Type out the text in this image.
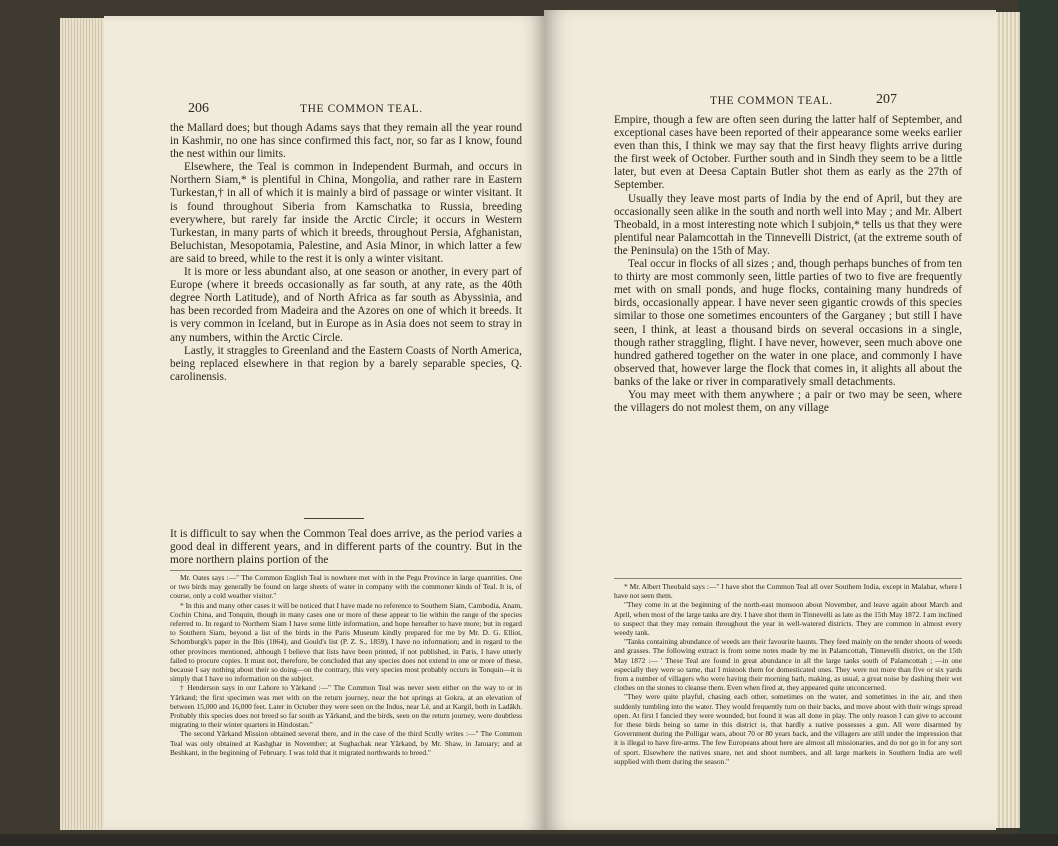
206	THE COMMON TEAL.

the Mallard does; but though Adams says that they remain all the year round in Kashmir, no one has since confirmed this fact, nor, so far as I know, found the nest within our limits.

Elsewhere, the Teal is common in Independent Burmah, and occurs in Northern Siam,* is plentiful in China, Mongolia, and rather rare in Eastern Turkestan,† in all of which it is mainly a bird of passage or winter visitant. It is found throughout Siberia from Kamschatka to Russia, breeding everywhere, but rarely far inside the Arctic Circle; it occurs in Western Turkestan, in many parts of which it breeds, throughout Persia, Afghanistan, Beluchistan, Mesopotamia, Palestine, and Asia Minor, in which latter a few are said to breed, while to the rest it is only a winter visitant.

It is more or less abundant also, at one season or another, in every part of Europe (where it breeds occasionally as far south, at any rate, as the 40th degree North Latitude), and of North Africa as far south as Abyssinia, and has been recorded from Madeira and the Azores on one of which it breeds. It is very common in Iceland, but in Europe as in Asia does not seem to stray in any numbers, within the Arctic Circle.

Lastly, it straggles to Greenland and the Eastern Coasts of North America, being replaced elsewhere in that region by a barely separable species, Q. carolinensis.

It is difficult to say when the Common Teal does arrive, as the period varies a good deal in different years, and in different parts of the country. But in the more northern plains portion of the

Mr. Oates says :—" The Common English Teal is nowhere met with in the Pegu Province in large quantities. One or two birds may generally be found on large sheets of water in company with the commoner kinds of Teal. It is, of course, only a cold weather visitor."

* In this and many other cases it will be noticed that I have made no reference to Southern Siam, Cambodia, Anam, Cochin China, and Tonquin, though in many cases one or more of these appear to lie within the range of the species referred to. In regard to Northern Siam I have some little information, and hope hereafter to have more; but in regard to Southern Siam, beyond a list of the birds in the Paris Museum kindly prepared for me by Mr. D. G. Elliot, Schomburgk's paper in the Ibis (1864), and Gould's list (P. Z. S., 1859), I have no information; and in regard to the other provinces mentioned, although I believe that lists have been printed, if not published, in Paris, I have utterly failed to procure copies. It must not, therefore, be concluded that any species does not extend to one or more of these, because I say nothing about their so doing—on the contrary, this very species most probably occurs in Tonquin—it is simply that I have no information on the subject.

† Henderson says in our Lahore to Yârkand :—" The Common Teal was never seen either on the way to or in Yârkand; the first specimen was met with on the return journey, near the hot springs at Gokra, at an elevation of between 15,000 and 16,000 feet. Later in October they were seen on the Indus, near Lé, and at Kargil, both in Ladâkh. Probably this species does not breed so far south as Yârkand, and the birds, seen on the return journey, were doubtless migrating to their winter quarters in Hindostan."

The second Yârkand Mission obtained several there, and in the case of the third Scully writes :—" The Common Teal was only obtained at Kashghar in November; at Sughachak near Yârkand, by Mr. Shaw, in January; and at Beshkant, in the beginning of February. I was told that it migrated northwards to breed."

THE COMMON TEAL.	207

Empire, though a few are often seen during the latter half of September, and exceptional cases have been reported of their appearance some weeks earlier even than this, I think we may say that the first heavy flights arrive during the first week of October. Further south and in Sindh they seem to be a little later, but even at Deesa Captain Butler shot them as early as the 27th of September.

Usually they leave most parts of India by the end of April, but they are occasionally seen alike in the south and north well into May ; and Mr. Albert Theobald, in a most interesting note which I subjoin,* tells us that they were plentiful near Palamcottah in the Tinnevelli District, (at the extreme south of the Peninsula) on the 15th of May.

Teal occur in flocks of all sizes ; and, though perhaps bunches of from ten to thirty are most commonly seen, little parties of two to five are frequently met with on small ponds, and huge flocks, containing many hundreds of birds, occasionally appear. I have never seen gigantic crowds of this species similar to those one sometimes encounters of the Garganey ; but still I have seen, I think, at least a thousand birds on several occasions in a single, though rather straggling, flight. I have never, however, seen much above one hundred gathered together on the water in one place, and commonly I have observed that, however large the flock that comes in, it alights all about the banks of the lake or river in comparatively small detachments.

You may meet with them anywhere ; a pair or two may be seen, where the villagers do not molest them, on any village

* Mr. Albert Theobald says :—" I have shot the Common Teal all over Southern India, except in Malabar, where I have not seen them.

"They come in at the beginning of the north-east monsoon about November, and leave again about March and April, when most of the large tanks are dry. I have shot them in Tinnevelli as late as the 15th May 1872. I am inclined to suspect that they may remain throughout the year in well-watered districts. They are common in almost every weedy tank.

"Tanks containing abundance of weeds are their favourite haunts. They feed mainly on the tender shoots of weeds and grasses. The following extract is from some notes made by me in Palamcottah, Tinnevelli district, on the 15th May 1872 :— ' These Teal are found in great abundance in all the large tanks south of Palamcottah ; —in one especially they were so tame, that I mistook them for domesticated ones. They were not more than five or six yards from a number of villagers who were having their morning bath, making, as usual, a great noise by dashing their wet clothes on the stones to cleanse them. Even when fired at, they appeared quite unconcerned.

"They were quite playful, chasing each other, sometimes on the water, and sometimes in the air, and then suddenly tumbling into the water. They would frequently turn on their backs, and move about with their wings spread open. At first I fancied they were wounded, but found it was all done in play. The only reason I can give to account for these birds being so tame in this district is, that hardly a native possesses a gun. All were disarmed by Government during the Polligar wars, about 70 or 80 years back, and the villagers are still under the impression that it is illegal to have fire-arms. The few Europeans about here are almost all missionaries, and do not go in for any sort of sport. Elsewhere the natives snare, net and shoot numbers, and all large markets in Southern India are well supplied with them during the season."
